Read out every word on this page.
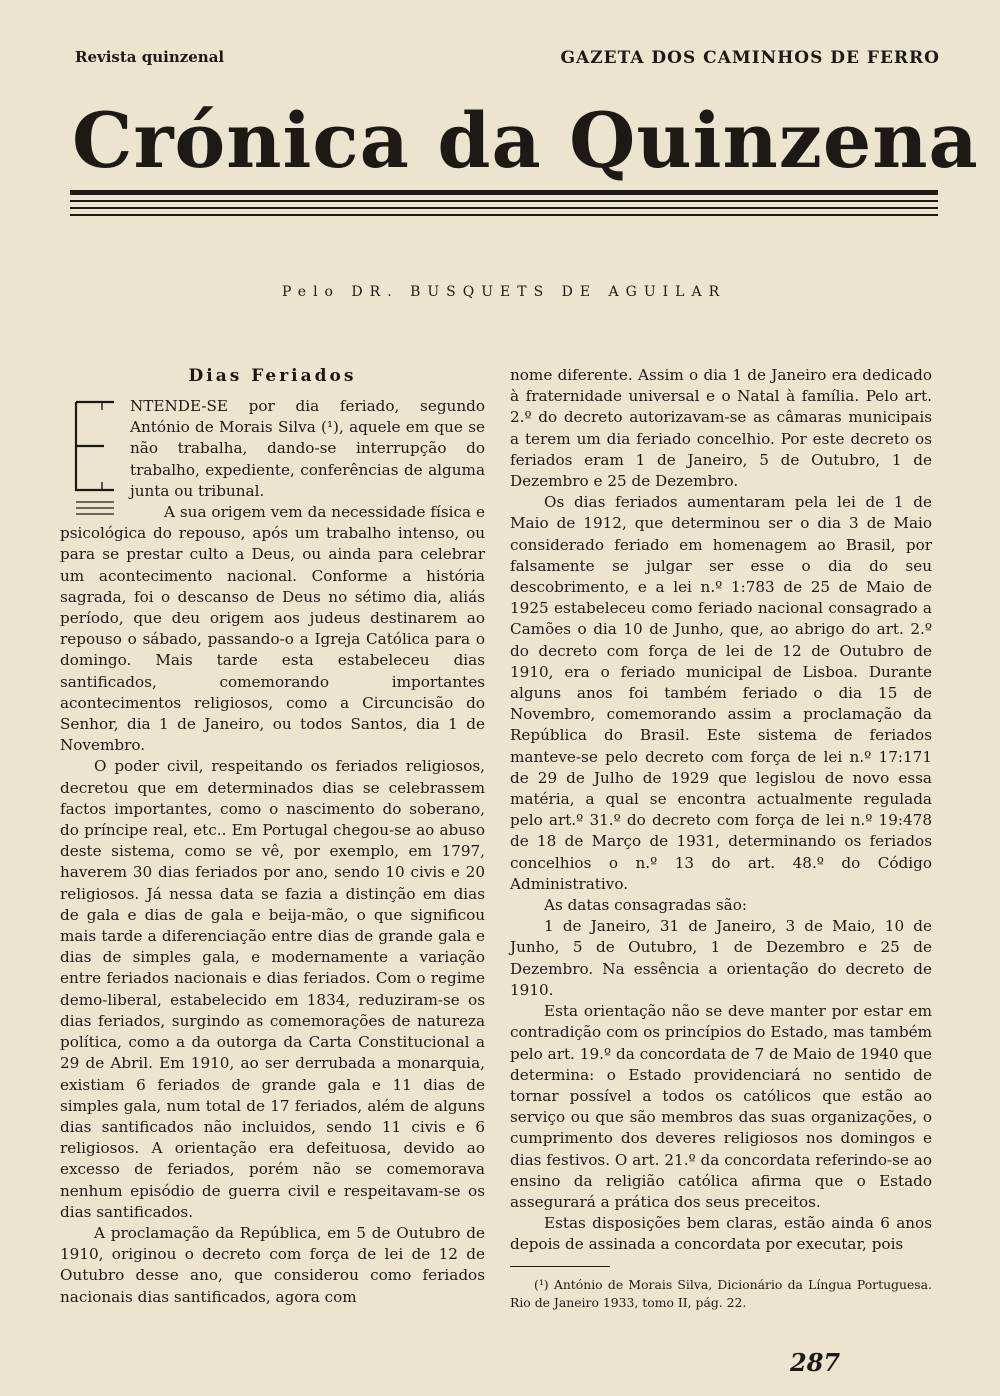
Revista quinzenal	GAZETA DOS CAMINHOS DE FERRO
Crónica da Quinzena
Pelo DR. BUSQUETS DE AGUILAR
Dias Feriados

NTENDE-SE por dia feriado, segundo António de Morais Silva (¹), aquele em que se não trabalha, dando-se interrupção do trabalho, expediente, conferências de alguma junta ou tribunal.

A sua origem vem da necessidade física e psicológica do repouso, após um trabalho intenso, ou para se prestar culto a Deus, ou ainda para celebrar um acontecimento nacional. Conforme a história sagrada, foi o descanso de Deus no sétimo dia, aliás período, que deu origem aos judeus destinarem ao repouso o sábado, passando-o a Igreja Católica para o domingo. Mais tarde esta estabeleceu dias santificados, comemorando importantes acontecimentos religiosos, como a Circuncisão do Senhor, dia 1 de Janeiro, ou todos Santos, dia 1 de Novembro.

O poder civil, respeitando os feriados religiosos, decretou que em determinados dias se celebrassem factos importantes, como o nascimento do soberano, do príncipe real, etc.. Em Portugal chegou-se ao abuso deste sistema, como se vê, por exemplo, em 1797, haverem 30 dias feriados por ano, sendo 10 civis e 20 religiosos. Já nessa data se fazia a distinção em dias de gala e dias de gala e beija-mão, o que significou mais tarde a diferenciação entre dias de grande gala e dias de simples gala, e modernamente a variação entre feriados nacionais e dias feriados. Com o regime demo-liberal, estabelecido em 1834, reduziram-se os dias feriados, surgindo as comemorações de natureza política, como a da outorga da Carta Constitucional a 29 de Abril. Em 1910, ao ser derrubada a monarquia, existiam 6 feriados de grande gala e 11 dias de simples gala, num total de 17 feriados, além de alguns dias santificados não incluidos, sendo 11 civis e 6 religiosos. A orientação era defeituosa, devido ao excesso de feriados, porém não se comemorava nenhum episódio de guerra civil e respeitavam-se os dias santificados.

A proclamação da República, em 5 de Outubro de 1910, originou o decreto com força de lei de 12 de Outubro desse ano, que considerou como feriados nacionais dias santificados, agora com

nome diferente. Assim o dia 1 de Janeiro era dedicado à fraternidade universal e o Natal à família. Pelo art. 2.º do decreto autorizavam-se as câmaras municipais a terem um dia feriado concelhio. Por este decreto os feriados eram 1 de Janeiro, 5 de Outubro, 1 de Dezembro e 25 de Dezembro.

Os dias feriados aumentaram pela lei de 1 de Maio de 1912, que determinou ser o dia 3 de Maio considerado feriado em homenagem ao Brasil, por falsamente se julgar ser esse o dia do seu descobrimento, e a lei n.º 1:783 de 25 de Maio de 1925 estabeleceu como feriado nacional consagrado a Camões o dia 10 de Junho, que, ao abrigo do art. 2.º do decreto com força de lei de 12 de Outubro de 1910, era o feriado municipal de Lisboa. Durante alguns anos foi também feriado o dia 15 de Novembro, comemorando assim a proclamação da República do Brasil. Este sistema de feriados manteve-se pelo decreto com força de lei n.º 17:171 de 29 de Julho de 1929 que legislou de novo essa matéria, a qual se encontra actualmente regulada pelo art.º 31.º do decreto com força de lei n.º 19:478 de 18 de Março de 1931, determinando os feriados concelhios o n.º 13 do art. 48.º do Código Administrativo.

As datas consagradas são:

1 de Janeiro, 31 de Janeiro, 3 de Maio, 10 de Junho, 5 de Outubro, 1 de Dezembro e 25 de Dezembro. Na essência a orientação do decreto de 1910.

Esta orientação não se deve manter por estar em contradição com os princípios do Estado, mas também pelo art. 19.º da concordata de 7 de Maio de 1940 que determina: o Estado providenciará no sentido de tornar possível a todos os católicos que estão ao serviço ou que são membros das suas organizações, o cumprimento dos deveres religiosos nos domingos e dias festivos. O art. 21.º da concordata referindo-se ao ensino da religião católica afirma que o Estado assegurará a prática dos seus preceitos.

Estas disposições bem claras, estão ainda 6 anos depois de assinada a concordata por executar, pois

(¹) António de Morais Silva, Dicionário da Língua Portuguesa. Rio de Janeiro 1933, tomo II, pág. 22.
287
